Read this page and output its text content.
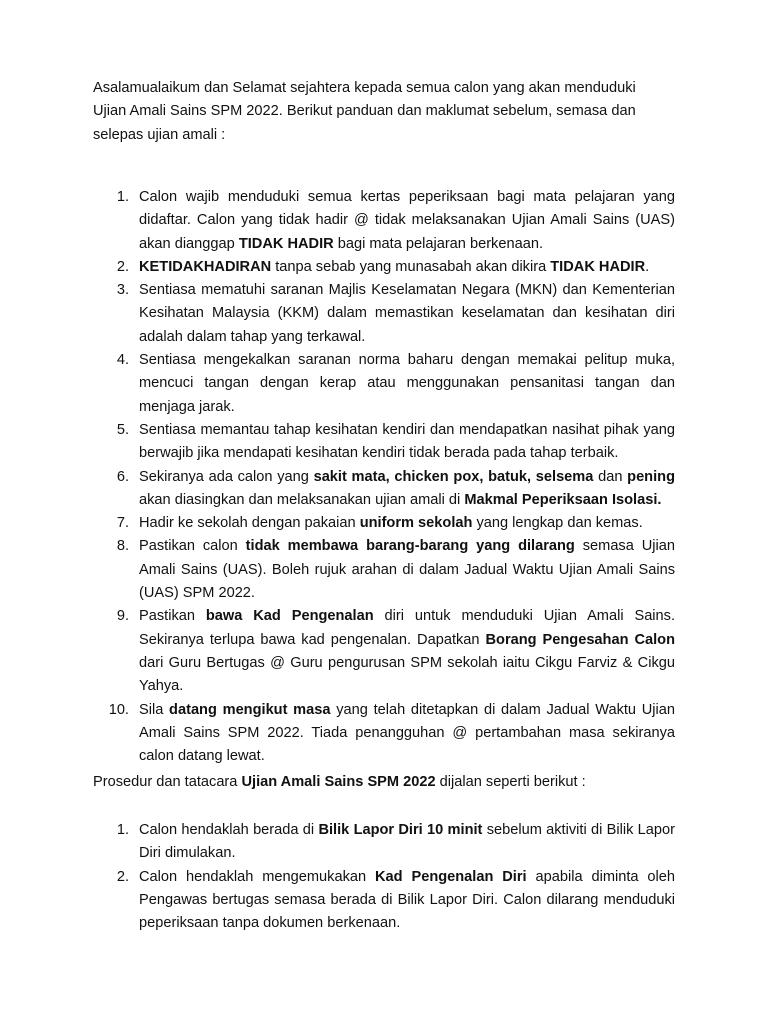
Asalamualaikum dan Selamat sejahtera kepada semua calon yang akan menduduki Ujian Amali Sains SPM 2022. Berikut panduan dan maklumat sebelum, semasa dan selepas ujian amali :

1. Calon wajib menduduki semua kertas peperiksaan bagi mata pelajaran yang didaftar. Calon yang tidak hadir @ tidak melaksanakan Ujian Amali Sains (UAS) akan dianggap TIDAK HADIR bagi mata pelajaran berkenaan.
2. KETIDAKHADIRAN tanpa sebab yang munasabah akan dikira TIDAK HADIR.
3. Sentiasa mematuhi saranan Majlis Keselamatan Negara (MKN) dan Kementerian Kesihatan Malaysia (KKM) dalam memastikan keselamatan dan kesihatan diri adalah dalam tahap yang terkawal.
4. Sentiasa mengekalkan saranan norma baharu dengan memakai pelitup muka, mencuci tangan dengan kerap atau menggunakan pensanitasi tangan dan menjaga jarak.
5. Sentiasa memantau tahap kesihatan kendiri dan mendapatkan nasihat pihak yang berwajib jika mendapati kesihatan kendiri tidak berada pada tahap terbaik.
6. Sekiranya ada calon yang sakit mata, chicken pox, batuk, selsema dan pening akan diasingkan dan melaksanakan ujian amali di Makmal Peperiksaan Isolasi.
7. Hadir ke sekolah dengan pakaian uniform sekolah yang lengkap dan kemas.
8. Pastikan calon tidak membawa barang-barang yang dilarang semasa Ujian Amali Sains (UAS). Boleh rujuk arahan di dalam Jadual Waktu Ujian Amali Sains (UAS) SPM 2022.
9. Pastikan bawa Kad Pengenalan diri untuk menduduki Ujian Amali Sains. Sekiranya terlupa bawa kad pengenalan. Dapatkan Borang Pengesahan Calon dari Guru Bertugas @ Guru pengurusan SPM sekolah iaitu Cikgu Farviz & Cikgu Yahya.
10. Sila datang mengikut masa yang telah ditetapkan di dalam Jadual Waktu Ujian Amali Sains SPM 2022. Tiada penangguhan @ pertambahan masa sekiranya calon datang lewat.

Prosedur dan tatacara Ujian Amali Sains SPM 2022 dijalan seperti berikut :

1. Calon hendaklah berada di Bilik Lapor Diri 10 minit sebelum aktiviti di Bilik Lapor Diri dimulakan.
2. Calon hendaklah mengemukakan Kad Pengenalan Diri apabila diminta oleh Pengawas bertugas semasa berada di Bilik Lapor Diri. Calon dilarang menduduki peperiksaan tanpa dokumen berkenaan.
